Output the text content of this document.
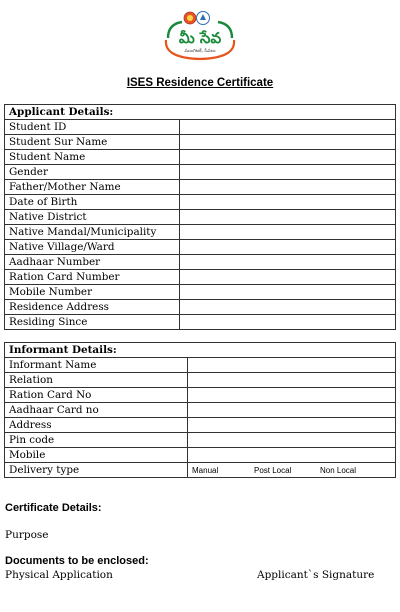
మీ సేవ
ముంగిటకే, సేవలు
ISES Residence Certificate
Applicant Details:	
Student ID	
Student Sur Name	
Student Name	
Gender	
Father/Mother Name	
Date of Birth	
Native District	
Native Mandal/Municipality	
Native Village/Ward	
Aadhaar Number	
Ration Card Number	
Mobile Number	
Residence Address	
Residing Since	
Informant Details:	
Informant Name	
Relation	
Ration Card No	
Aadhaar Card no	
Address	
Pin code	
Mobile	
Delivery type	Manual Post Local Non Local
Certificate Details:
Purpose
Documents to be enclosed:
Physical Application	Applicant`s Signature
